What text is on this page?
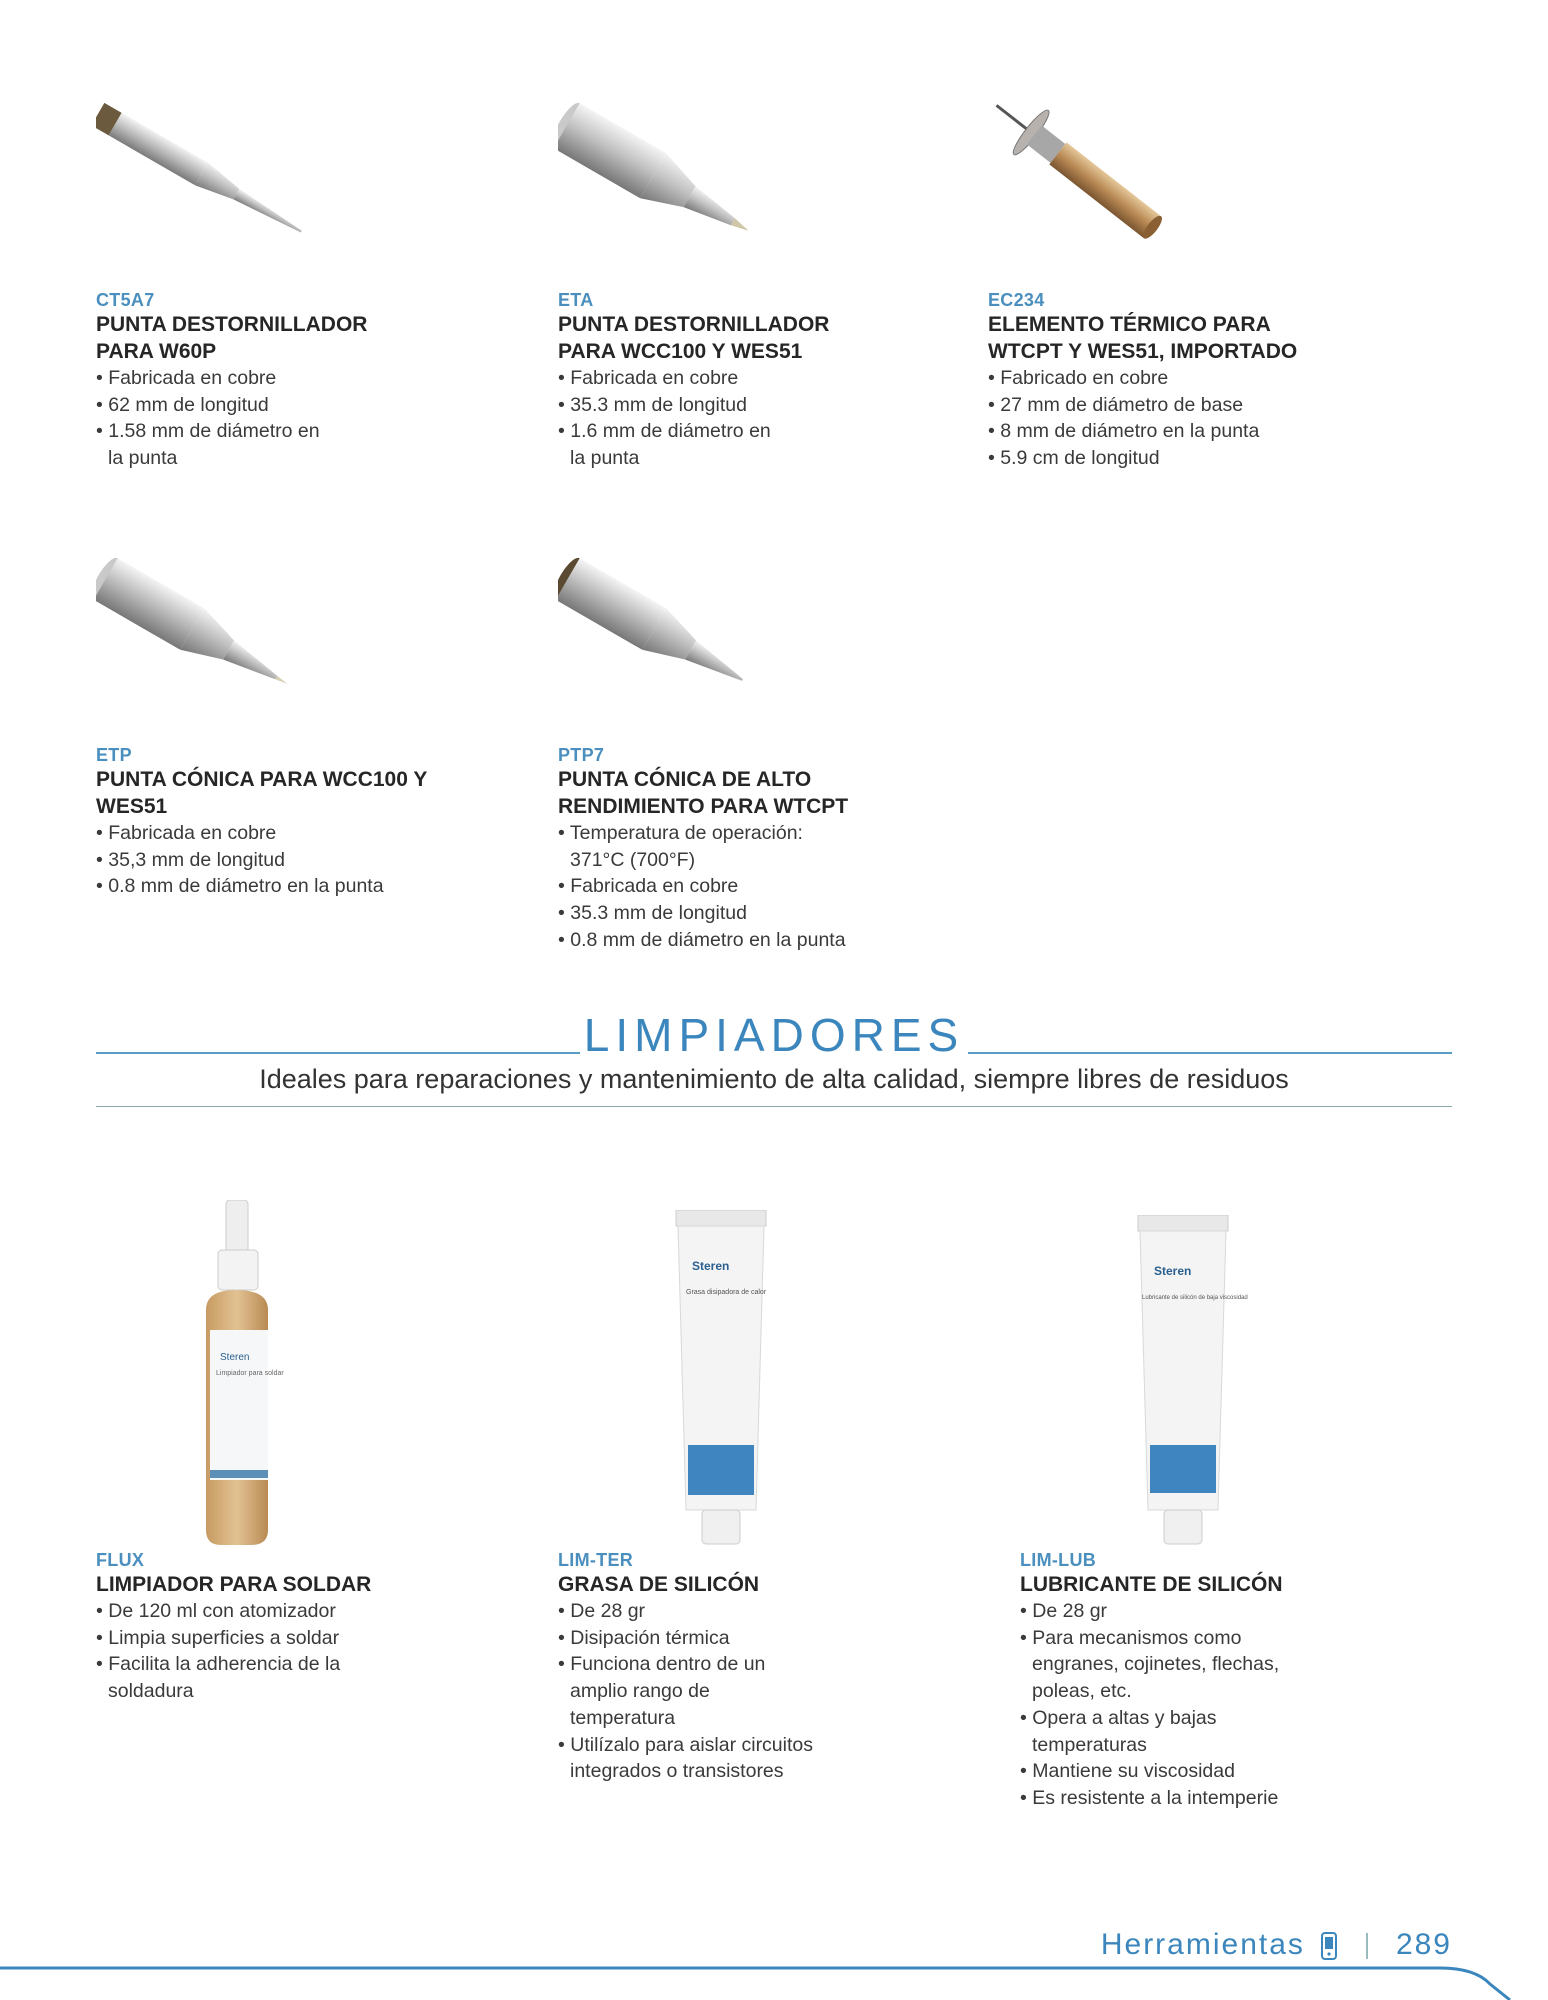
CT5A7
PUNTA DESTORNILLADOR PARA W60P
• Fabricada en cobre
• 62 mm de longitud
• 1.58 mm de diámetro en la punta
ETA
PUNTA DESTORNILLADOR PARA WCC100 Y WES51
• Fabricada en cobre
• 35.3 mm de longitud
• 1.6 mm de diámetro en la punta
EC234
ELEMENTO TÉRMICO PARA WTCPT Y WES51, IMPORTADO
• Fabricado en cobre
• 27 mm de diámetro de base
• 8 mm de diámetro en la punta
• 5.9 cm de longitud
ETP
PUNTA CÓNICA PARA WCC100 Y WES51
• Fabricada en cobre
• 35,3 mm de longitud
• 0.8 mm de diámetro en la punta
PTP7
PUNTA CÓNICA DE ALTO RENDIMIENTO PARA WTCPT
• Temperatura de operación: 371°C (700°F)
• Fabricada en cobre
• 35.3 mm de longitud
• 0.8 mm de diámetro en la punta
LIMPIADORES
Ideales para reparaciones y mantenimiento de alta calidad, siempre libres de residuos
Steren
Limpiador para soldar
FLUX
LIMPIADOR PARA SOLDAR
• De 120 ml con atomizador
• Limpia superficies a soldar
• Facilita la adherencia de la soldadura
Steren
Grasa disipadora de calor
LIM-TER
GRASA DE SILICÓN
• De 28 gr
• Disipación térmica
• Funciona dentro de un amplio rango de temperatura
• Utilízalo para aislar circuitos integrados o transistores
Steren
Lubricante de silicón de baja viscosidad
LIM-LUB
LUBRICANTE DE SILICÓN
• De 28 gr
• Para mecanismos como engranes, cojinetes, flechas, poleas, etc.
• Opera a altas y bajas temperaturas
• Mantiene su viscosidad
• Es resistente a la intemperie
Herramientas	289
